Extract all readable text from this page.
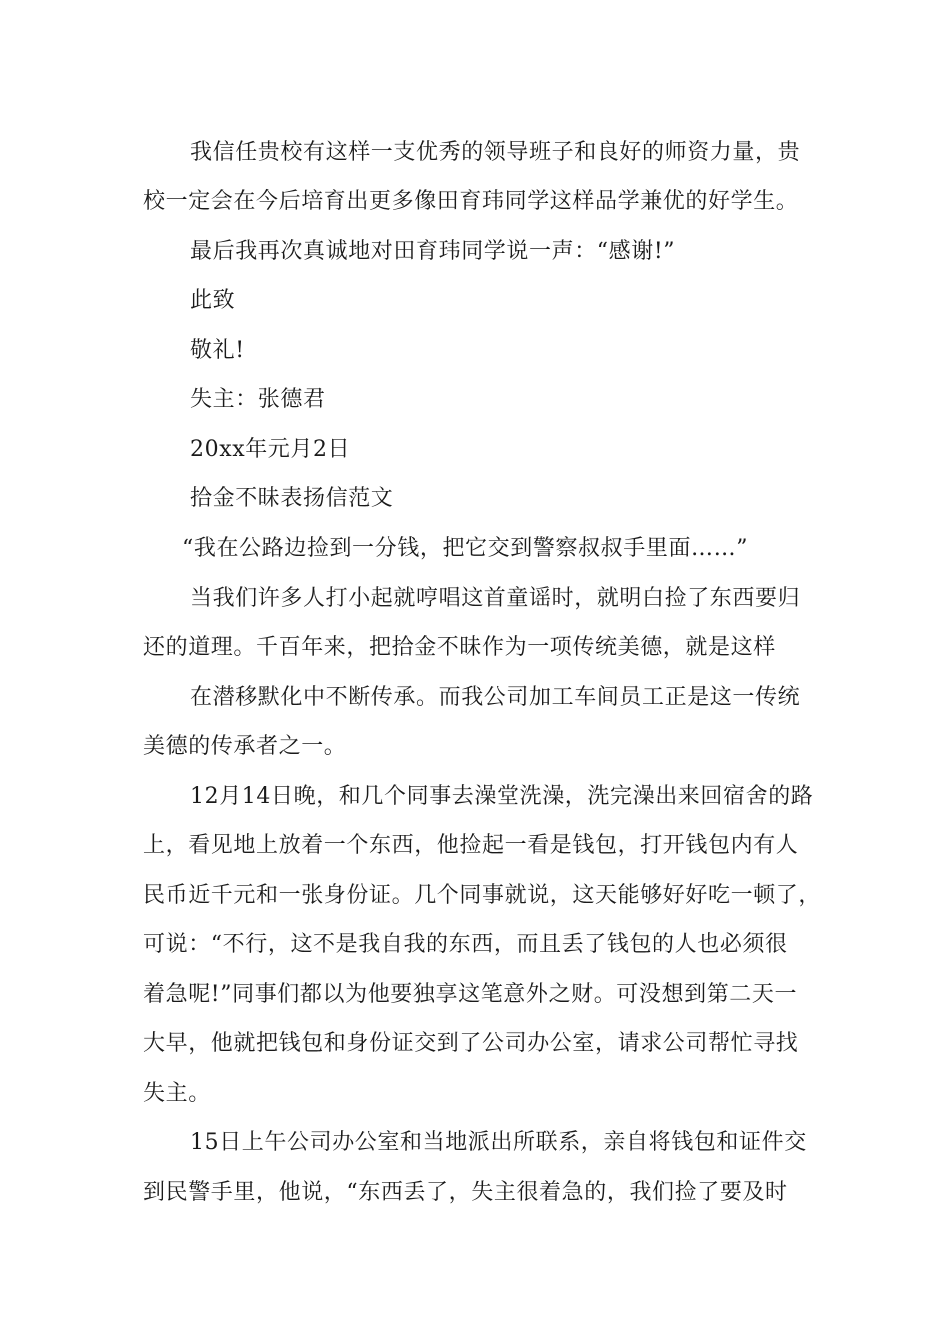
我信任贵校有这样一支优秀的领导班子和良好的师资力量，贵
校一定会在今后培育出更多像田育玮同学这样品学兼优的好学生。
最后我再次真诚地对田育玮同学说一声：“感谢!”
此致
敬礼!
失主：张德君
20xx年元月2日
拾金不昧表扬信范文
“我在公路边捡到一分钱，把它交到警察叔叔手里面……”
当我们许多人打小起就哼唱这首童谣时，就明白捡了东西要归
还的道理。千百年来，把拾金不昧作为一项传统美德，就是这样
在潜移默化中不断传承。而我公司加工车间员工正是这一传统
美德的传承者之一。
12月14日晚，和几个同事去澡堂洗澡，洗完澡出来回宿舍的路
上，看见地上放着一个东西，他捡起一看是钱包，打开钱包内有人
民币近千元和一张身份证。几个同事就说，这天能够好好吃一顿了，
可说：“不行，这不是我自我的东西，而且丢了钱包的人也必须很
着急呢!”同事们都以为他要独享这笔意外之财。可没想到第二天一
大早，他就把钱包和身份证交到了公司办公室，请求公司帮忙寻找
失主。
15日上午公司办公室和当地派出所联系，亲自将钱包和证件交
到民警手里，他说，“东西丢了，失主很着急的，我们捡了要及时
